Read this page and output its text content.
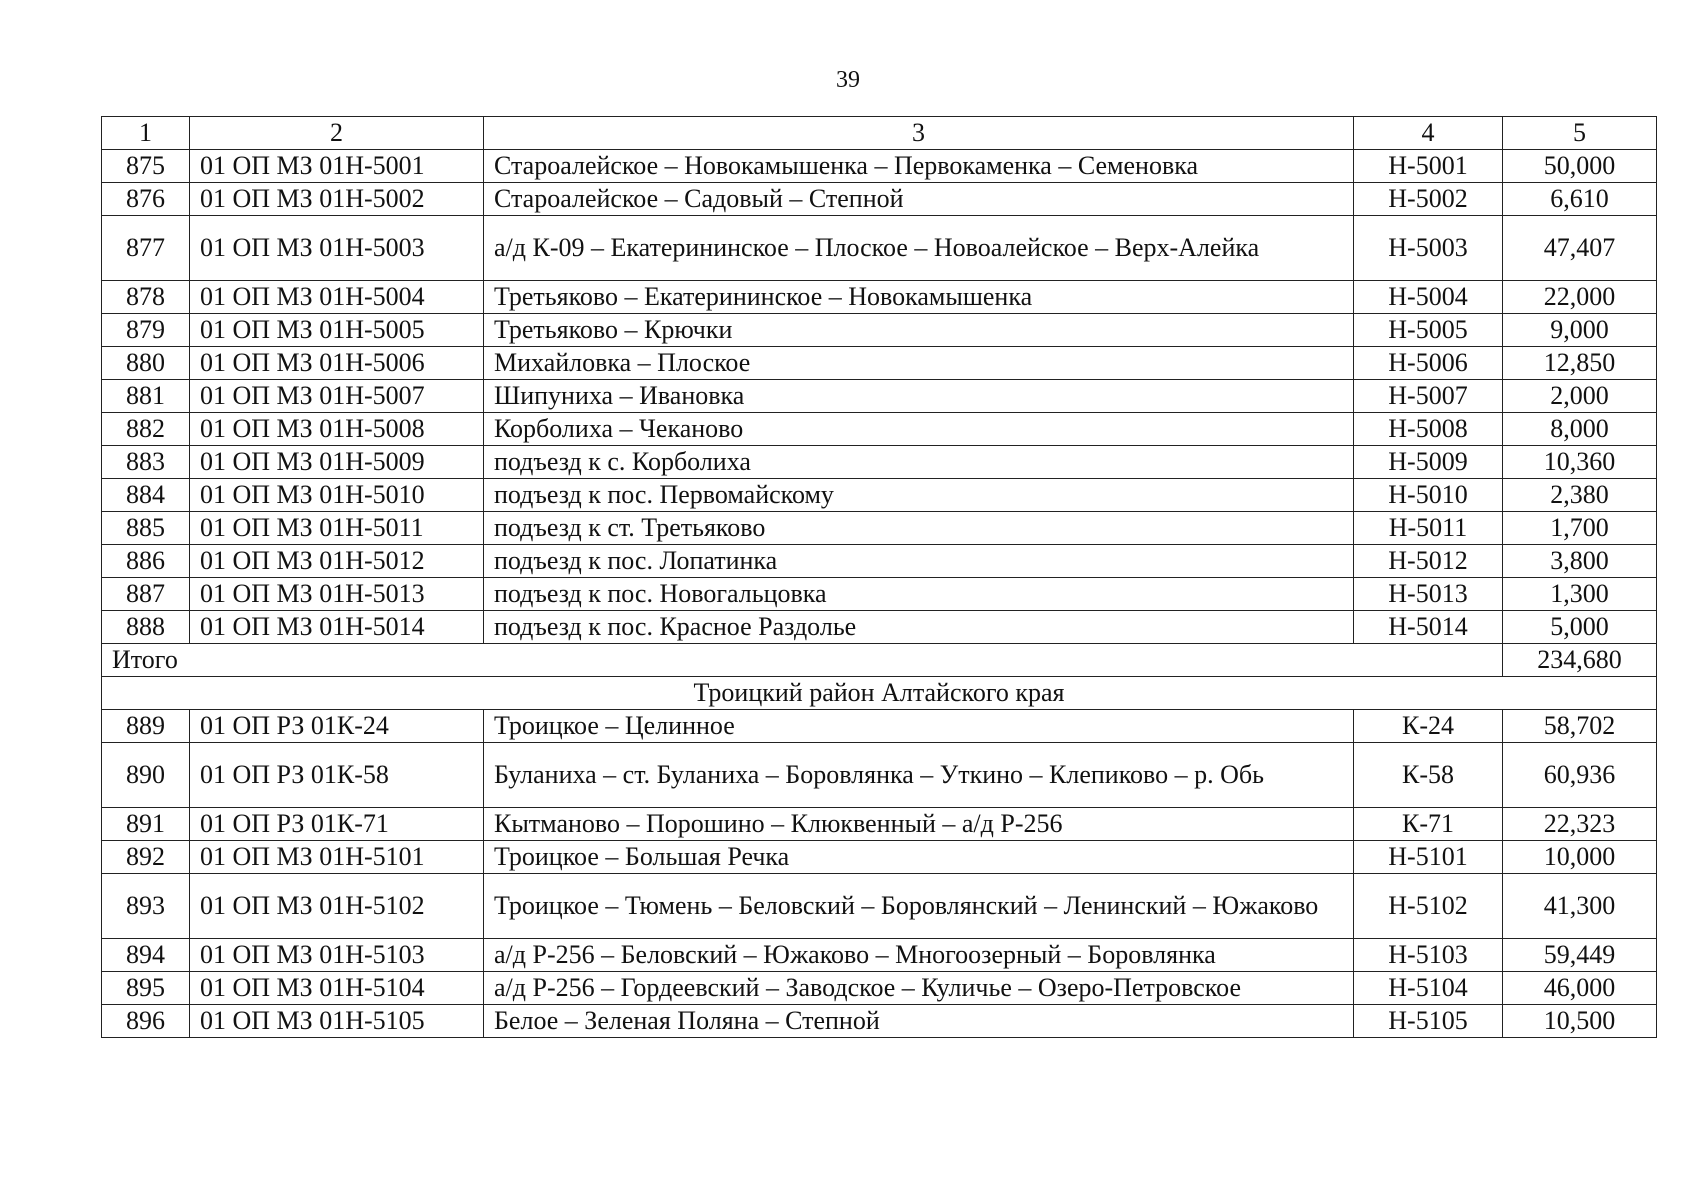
39
1	2	3	4	5
875	01 ОП МЗ 01Н-5001	Староалейское – Новокамышенка – Первокаменка – Семеновка	Н-5001	50,000
876	01 ОП МЗ 01Н-5002	Староалейское – Садовый – Степной	Н-5002	6,610
877	01 ОП МЗ 01Н-5003	а/д К-09 – Екатерининское – Плоское – Новоалейское – Верх-Алейка	Н-5003	47,407
878	01 ОП МЗ 01Н-5004	Третьяково – Екатерининское – Новокамышенка	Н-5004	22,000
879	01 ОП МЗ 01Н-5005	Третьяково – Крючки	Н-5005	9,000
880	01 ОП МЗ 01Н-5006	Михайловка – Плоское	Н-5006	12,850
881	01 ОП МЗ 01Н-5007	Шипуниха – Ивановка	Н-5007	2,000
882	01 ОП МЗ 01Н-5008	Корболиха – Чеканово	Н-5008	8,000
883	01 ОП МЗ 01Н-5009	подъезд к с. Корболиха	Н-5009	10,360
884	01 ОП МЗ 01Н-5010	подъезд к пос. Первомайскому	Н-5010	2,380
885	01 ОП МЗ 01Н-5011	подъезд к ст. Третьяково	Н-5011	1,700
886	01 ОП МЗ 01Н-5012	подъезд к пос. Лопатинка	Н-5012	3,800
887	01 ОП МЗ 01Н-5013	подъезд к пос. Новогальцовка	Н-5013	1,300
888	01 ОП МЗ 01Н-5014	подъезд к пос. Красное Раздолье	Н-5014	5,000
Итого				234,680
Троицкий район Алтайского края				
889	01 ОП РЗ 01К-24	Троицкое – Целинное	К-24	58,702
890	01 ОП РЗ 01К-58	Буланиха – ст. Буланиха – Боровлянка – Уткино – Клепиково – р. Обь	К-58	60,936
891	01 ОП РЗ 01К-71	Кытманово – Порошино – Клюквенный – а/д Р-256	К-71	22,323
892	01 ОП МЗ 01Н-5101	Троицкое – Большая Речка	Н-5101	10,000
893	01 ОП МЗ 01Н-5102	Троицкое – Тюмень – Беловский – Боровлянский – Ленинский – Южаково	Н-5102	41,300
894	01 ОП МЗ 01Н-5103	а/д Р-256 – Беловский – Южаково – Многоозерный – Боровлянка	Н-5103	59,449
895	01 ОП МЗ 01Н-5104	а/д Р-256 – Гордеевский – Заводское – Куличье – Озеро-Петровское	Н-5104	46,000
896	01 ОП МЗ 01Н-5105	Белое – Зеленая Поляна – Степной	Н-5105	10,500
